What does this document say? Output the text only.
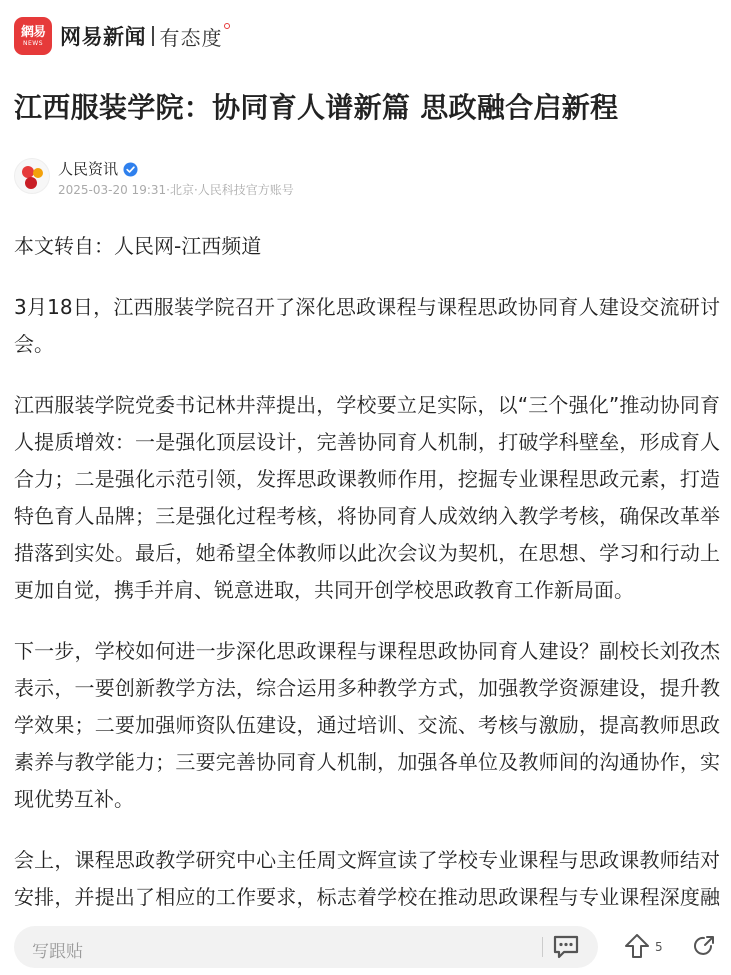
網易
NEWS 网易新闻 有态度
江西服装学院：协同育人谱新篇 思政融合启新程
人民资讯
2025-03-20 19:31·北京·人民科技官方账号

本文转自：人民网-江西频道

3月18日，江西服装学院召开了深化思政课程与课程思政协同育人建设交流研讨会。

江西服装学院党委书记林井萍提出，学校要立足实际，以“三个强化”推动协同育人提质增效：一是强化顶层设计，完善协同育人机制，打破学科壁垒，形成育人合力；二是强化示范引领，发挥思政课教师作用，挖掘专业课程思政元素，打造特色育人品牌；三是强化过程考核，将协同育人成效纳入教学考核，确保改革举措落到实处。最后，她希望全体教师以此次会议为契机，在思想、学习和行动上更加自觉，携手并肩、锐意进取，共同开创学校思政教育工作新局面。

下一步，学校如何进一步深化思政课程与课程思政协同育人建设？副校长刘孜杰表示，一要创新教学方法，综合运用多种教学方式，加强教学资源建设，提升教学效果；二要加强师资队伍建设，通过培训、交流、考核与激励，提高教师思政素养与教学能力；三要完善协同育人机制，加强各单位及教师间的沟通协作，实现优势互补。

会上，课程思政教学研究中心主任周文辉宣读了学校专业课程与思政课教师结对安排，并提出了相应的工作要求，标志着学校在推动思政课程与专业课程深度融

写跟贴	5
